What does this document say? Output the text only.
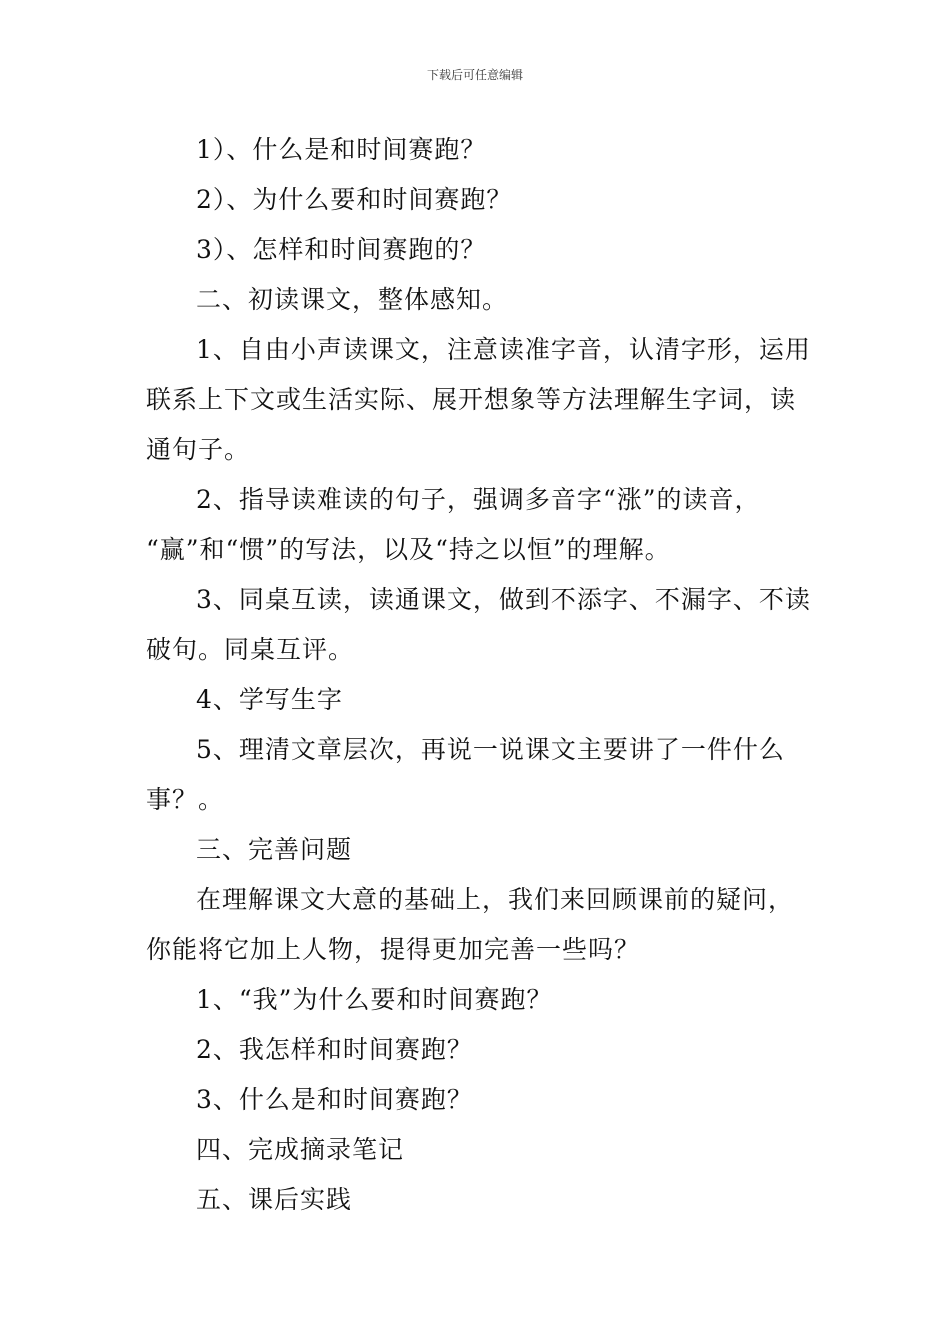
下载后可任意编辑
1）、什么是和时间赛跑？
2）、为什么要和时间赛跑？
3）、怎样和时间赛跑的？
二、初读课文，整体感知。
1、自由小声读课文，注意读准字音，认清字形，运用
联系上下文或生活实际、展开想象等方法理解生字词，读
通句子。
2、指导读难读的句子，强调多音字“涨”的读音，
“赢”和“惯”的写法，以及“持之以恒”的理解。
3、同桌互读，读通课文，做到不添字、不漏字、不读
破句。同桌互评。
4、学写生字
5、理清文章层次，再说一说课文主要讲了一件什么
事？。
三、完善问题
在理解课文大意的基础上，我们来回顾课前的疑问，
你能将它加上人物，提得更加完善一些吗？
1、“我”为什么要和时间赛跑？
2、我怎样和时间赛跑？
3、什么是和时间赛跑？
四、完成摘录笔记
五、课后实践
